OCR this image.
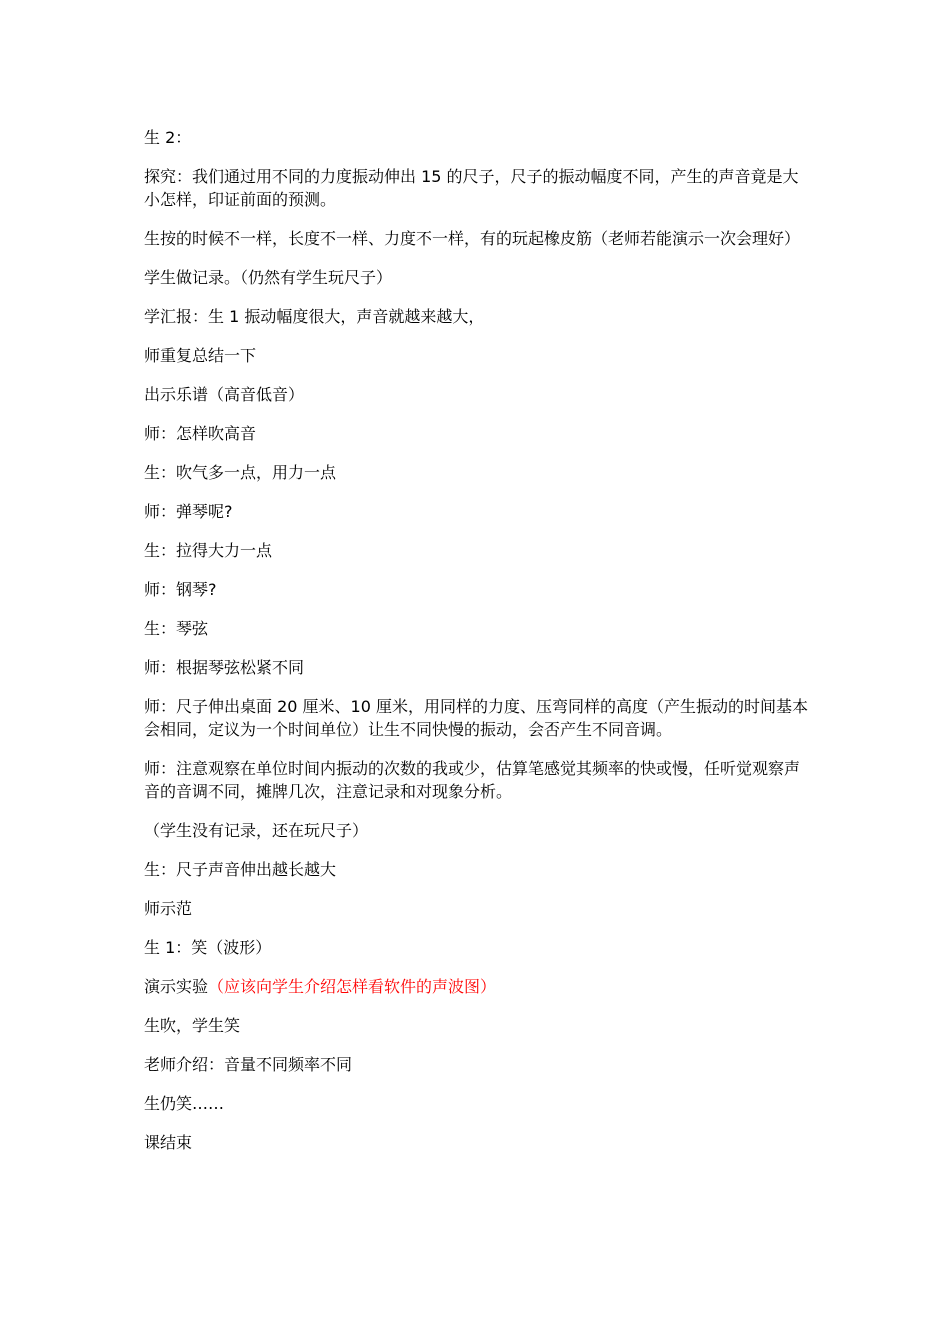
生 2：

探究：我们通过用不同的力度振动伸出 15 的尺子，尺子的振动幅度不同，产生的声音竟是大小怎样，印证前面的预测。

生按的时候不一样，长度不一样、力度不一样，有的玩起橡皮筋（老师若能演示一次会理好）

学生做记录。（仍然有学生玩尺子）

学汇报：生 1 振动幅度很大，声音就越来越大，

师重复总结一下

出示乐谱（高音低音）

师：怎样吹高音

生：吹气多一点，用力一点

师：弹琴呢?

生：拉得大力一点

师：钢琴?

生：琴弦

师：根据琴弦松紧不同

师：尺子伸出桌面 20 厘米、10 厘米，用同样的力度、压弯同样的高度（产生振动的时间基本会相同，定议为一个时间单位）让生不同快慢的振动，会否产生不同音调。

师：注意观察在单位时间内振动的次数的我或少，估算笔感觉其频率的快或慢，任听觉观察声音的音调不同，摊牌几次，注意记录和对现象分析。

（学生没有记录，还在玩尺子）

生：尺子声音伸出越长越大

师示范

生 1：笑（波形）

演示实验（应该向学生介绍怎样看软件的声波图）

生吹，学生笑

老师介绍：音量不同频率不同

生仍笑……

课结束
